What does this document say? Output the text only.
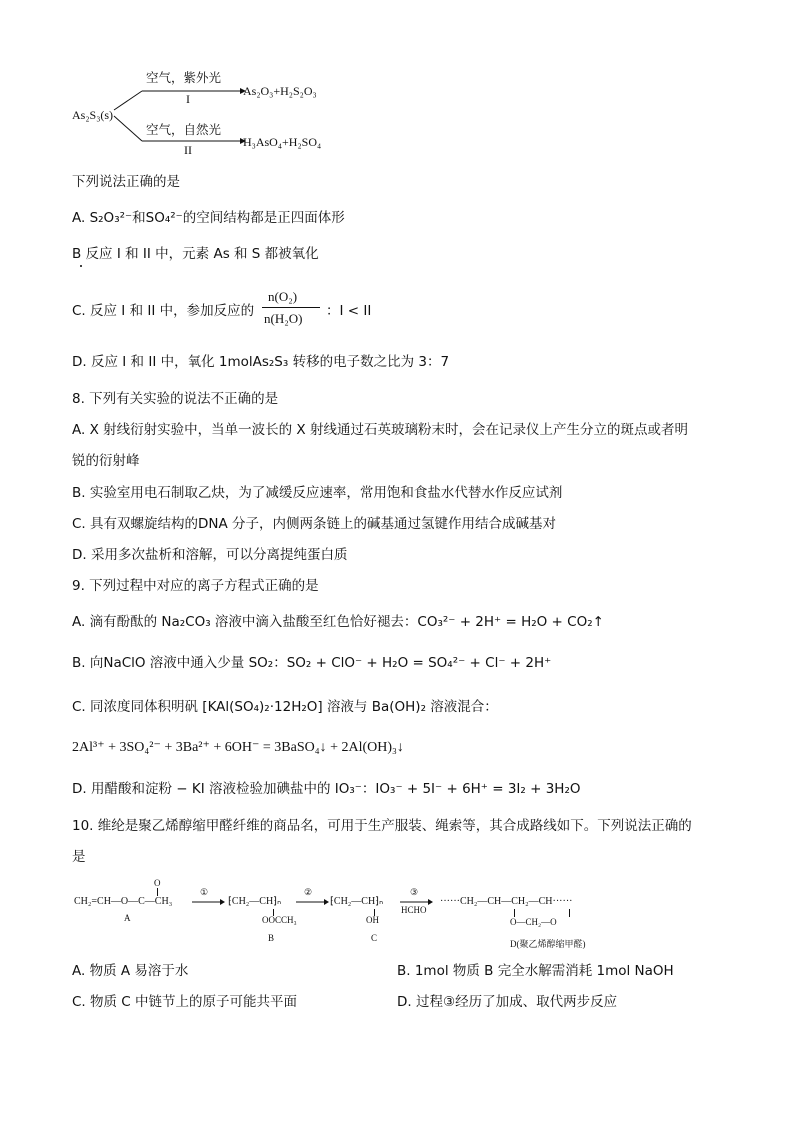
As₂S₃(s)
空气，紫外光
I
As₂O₃+H₂S₂O₃
空气，自然光
II
H₃AsO₄+H₂SO₄
下列说法正确的是
A. S₂O₃²⁻和SO₄²⁻的空间结构都是正四面体形
B 反应 I 和 II 中，元素 As 和 S 都被氧化
C. 反应 I 和 II 中，参加反应的
n(O₂)
n(H₂O) ：I < II
D. 反应 I 和 II 中，氧化 1molAs₂S₃ 转移的电子数之比为 3：7
8. 下列有关实验的说法不正确的是
A. X 射线衍射实验中，当单一波长的 X 射线通过石英玻璃粉末时，会在记录仪上产生分立的斑点或者明
锐的衍射峰
B. 实验室用电石制取乙炔，为了减缓反应速率，常用饱和食盐水代替水作反应试剂
C. 具有双螺旋结构的DNA 分子，内侧两条链上的碱基通过氢键作用结合成碱基对
D. 采用多次盐析和溶解，可以分离提纯蛋白质
9. 下列过程中对应的离子方程式正确的是
A. 滴有酚酞的 Na₂CO₃ 溶液中滴入盐酸至红色恰好褪去：CO₃²⁻ + 2H⁺ = H₂O + CO₂↑
B. 向NaClO 溶液中通入少量 SO₂：SO₂ + ClO⁻ + H₂O = SO₄²⁻ + Cl⁻ + 2H⁺
C. 同浓度同体积明矾 [KAl(SO₄)₂·12H₂O] 溶液与 Ba(OH)₂ 溶液混合：
2Al³⁺ + 3SO₄²⁻ + 3Ba²⁺ + 6OH⁻ = 3BaSO₄↓ + 2Al(OH)₃↓
D. 用醋酸和淀粉 − KI 溶液检验加碘盐中的 IO₃⁻：IO₃⁻ + 5I⁻ + 6H⁺ = 3I₂ + 3H₂O
10. 维纶是聚乙烯醇缩甲醛纤维的商品名，可用于生产服装、绳索等，其合成路线如下。下列说法正确的
是
O
CH₂=CH—O—C—CH₃
A
①
⁅CH₂—CH⁆ₙ
OOCCH₃
B
②
⁅CH₂—CH⁆ₙ
OH
C
③
HCHO
······CH₂—CH—CH₂—CH······
O—CH₂—O
D(聚乙烯醇缩甲醛)
A. 物质 A 易溶于水	B. 1mol 物质 B 完全水解需消耗 1mol NaOH
C. 物质 C 中链节上的原子可能共平面	D. 过程③经历了加成、取代两步反应
